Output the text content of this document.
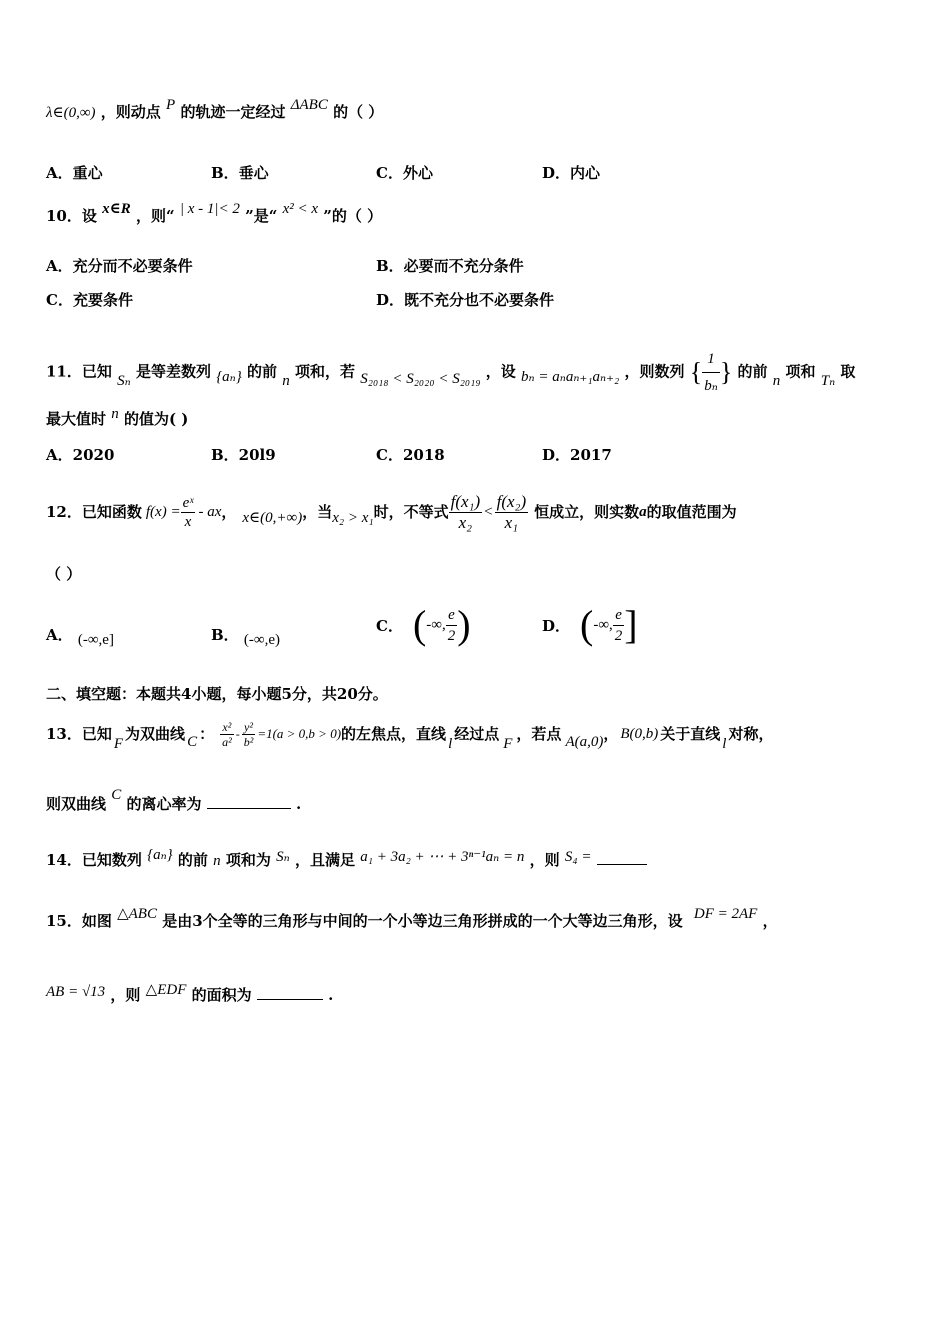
λ∈(0,∞) ，则动点 P 的轨迹一定经过 ΔABC 的（ ）
A．重心	B．垂心	C．外心	D．内心
10．设 x∈R ，则“ | x - 1|< 2 ”是“ x² < x ”的（ ）
A．充分而不必要条件	B．必要而不充分条件
C．充要条件	D．既不充分也不必要条件
11．已知 Sₙ 是等差数列 {aₙ} 的前 n 项和，若 S₂₀₁₈ < S₂₀₂₀ < S₂₀₁₉ ，设 bₙ = aₙaₙ₊₁aₙ₊₂ ，则数列 { $\frac{1}{\text{bₙ}}$ } 的前 n 项和 Tₙ 取
最大值时 n 的值为( )
A．2020	B．20l9	C．2018	D．2017
12．已知函数 $f(x) = \frac{\text{eˣ}}{x}$ - ax ， x∈(0,+∞) ，当 x₂ > x₁ 时，不等式 $\frac{\text{f(x₁)}}{\text{x₂}} < \frac{\text{f(x₂)}}{\text{x₁}}$ 恒成立，则实数 a 的取值范围为
（ ）
A． (-∞,e]	B． (-∞,e)
C． ( -∞, $\frac{e}{2}$ )	D． ( -∞, $\frac{e}{2}$ ]
二、填空题：本题共4小题，每小题5分，共20分。
13．已知
F
为双曲线 C ： $\frac{\text{x²}}{\text{a²}} - \frac{\text{y²}}{\text{b²}} =1(a > 0,b > 0)$ 的左焦点，直线
l
经过点
F
，若点 A(a,0) ， B(0,b) 关于直线
l
对称，
则双曲线 C 的离心率为	.
14．已知数列 {aₙ} 的前 n 项和为 Sₙ ，且满足 a₁ + 3a₂ + ⋯ + 3ⁿ⁻¹aₙ = n ，则 S₄ =
15．如图 △ABC 是由3个全等的三角形与中间的一个小等边三角形拼成的一个大等边三角形，设 DF = 2AF ，
AB = √13 ，则 △EDF 的面积为	.
